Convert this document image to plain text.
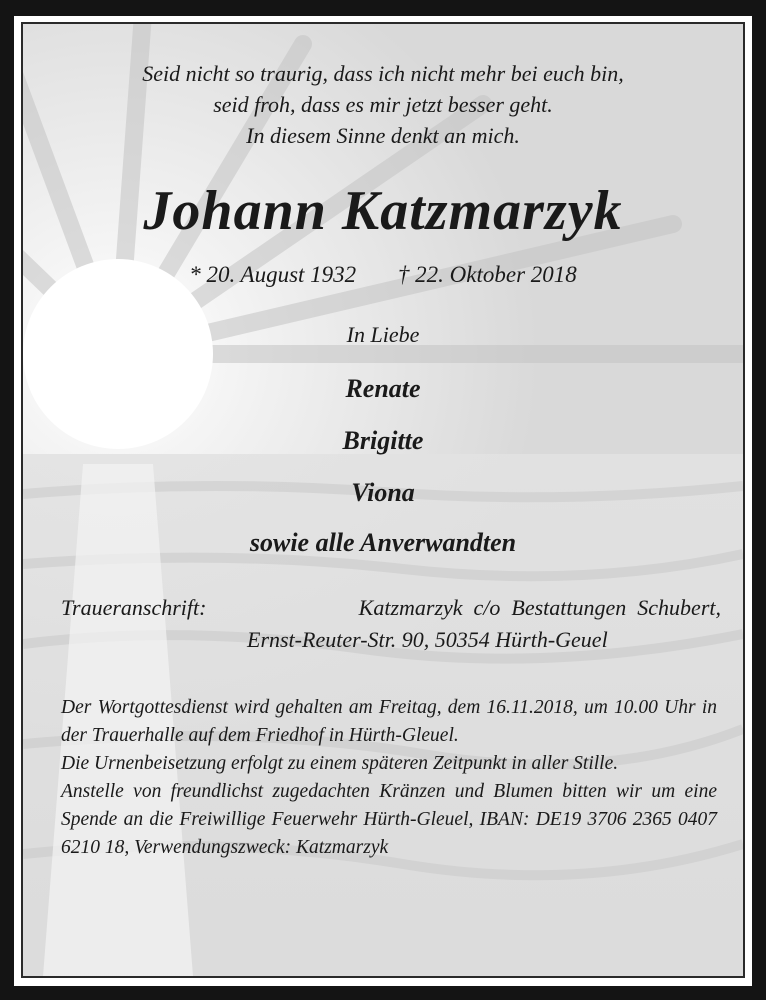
Seid nicht so traurig, dass ich nicht mehr bei euch bin,
seid froh, dass es mir jetzt besser geht.
In diesem Sinne denkt an mich.
Johann Katzmarzyk
* 20. August 1932 † 22. Oktober 2018
In Liebe
Renate
Brigitte
Viona
sowie alle Anverwandten
Traueranschrift:	Katzmarzyk  c/o  Bestattungen  Schubert,
Ernst-Reuter-Str. 90, 50354 Hürth-Geuel

Der Wortgottesdienst wird gehalten am Freitag, dem 16.11.2018, um 10.00 Uhr in der Trauerhalle auf dem Friedhof in Hürth-Gleuel.

Die Urnenbeisetzung erfolgt zu einem späteren Zeitpunkt in aller Stille.

Anstelle von freundlichst zugedachten Kränzen und Blumen bitten wir um eine Spende an die Freiwillige Feuerwehr Hürth-Gleuel, IBAN: DE19 3706 2365 0407 6210 18, Verwendungszweck: Katzmarzyk
